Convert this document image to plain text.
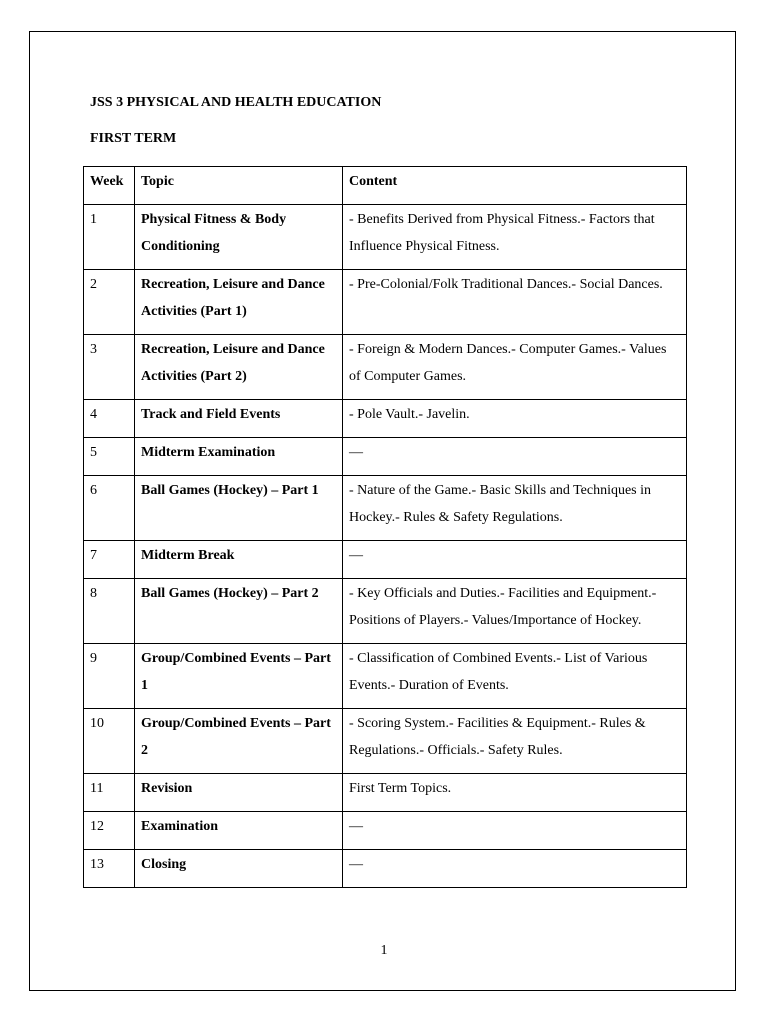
JSS 3 PHYSICAL AND HEALTH EDUCATION
FIRST TERM
Week	Topic	Content
1	Physical Fitness & Body Conditioning	- Benefits Derived from Physical Fitness.- Factors that Influence Physical Fitness.
2	Recreation, Leisure and Dance Activities (Part 1)	- Pre-Colonial/Folk Traditional Dances.- Social Dances.
3	Recreation, Leisure and Dance Activities (Part 2)	- Foreign & Modern Dances.- Computer Games.- Values of Computer Games.
4	Track and Field Events	- Pole Vault.- Javelin.
5	Midterm Examination	—
6	Ball Games (Hockey) – Part 1	- Nature of the Game.- Basic Skills and Techniques in Hockey.- Rules & Safety Regulations.
7	Midterm Break	—
8	Ball Games (Hockey) – Part 2	- Key Officials and Duties.- Facilities and Equipment.- Positions of Players.- Values/Importance of Hockey.
9	Group/Combined Events – Part 1	- Classification of Combined Events.- List of Various Events.- Duration of Events.
10	Group/Combined Events – Part 2	- Scoring System.- Facilities & Equipment.- Rules & Regulations.- Officials.- Safety Rules.
11	Revision	First Term Topics.
12	Examination	—
13	Closing	—
1
